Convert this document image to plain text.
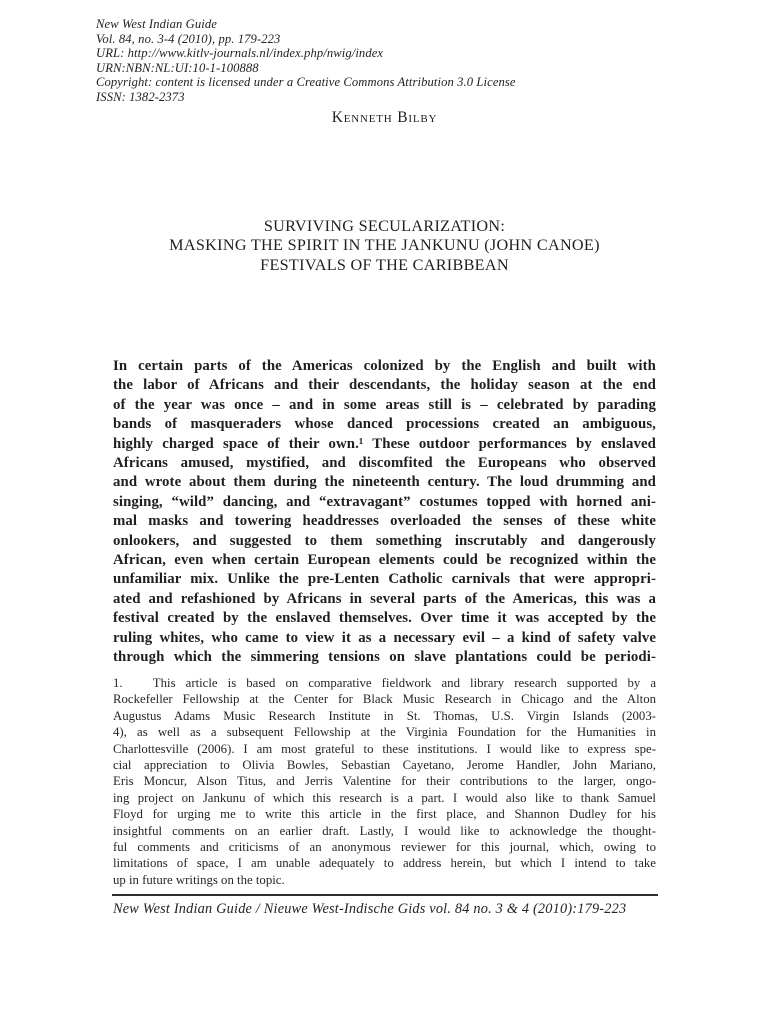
New West Indian Guide
Vol. 84, no. 3-4 (2010), pp. 179-223
URL: http://www.kitlv-journals.nl/index.php/nwig/index
URN:NBN:NL:UI:10-1-100888
Copyright: content is licensed under a Creative Commons Attribution 3.0 License
ISSN: 1382-2373
Kenneth Bilby
SURVIVING SECULARIZATION:
MASKING THE SPIRIT IN THE JANKUNU (JOHN CANOE)
FESTIVALS OF THE CARIBBEAN
In certain parts of the Americas colonized by the English and built with
the labor of Africans and their descendants, the holiday season at the end
of the year was once – and in some areas still is – celebrated by parading
bands of masqueraders whose danced processions created an ambiguous,
highly charged space of their own.¹ These outdoor performances by enslaved
Africans amused, mystified, and discomfited the Europeans who observed
and wrote about them during the nineteenth century. The loud drumming and
singing, “wild” dancing, and “extravagant” costumes topped with horned ani-
mal masks and towering headdresses overloaded the senses of these white
onlookers, and suggested to them something inscrutably and dangerously
African, even when certain European elements could be recognized within the
unfamiliar mix. Unlike the pre-Lenten Catholic carnivals that were appropri-
ated and refashioned by Africans in several parts of the Americas, this was a
festival created by the enslaved themselves. Over time it was accepted by the
ruling whites, who came to view it as a necessary evil – a kind of safety valve
through which the simmering tensions on slave plantations could be periodi-
1.   This article is based on comparative fieldwork and library research supported by a
Rockefeller Fellowship at the Center for Black Music Research in Chicago and the Alton
Augustus Adams Music Research Institute in St. Thomas, U.S. Virgin Islands (2003-
4), as well as a subsequent Fellowship at the Virginia Foundation for the Humanities in
Charlottesville (2006). I am most grateful to these institutions. I would like to express spe-
cial appreciation to Olivia Bowles, Sebastian Cayetano, Jerome Handler, John Mariano,
Eris Moncur, Alson Titus, and Jerris Valentine for their contributions to the larger, ongo-
ing project on Jankunu of which this research is a part. I would also like to thank Samuel
Floyd for urging me to write this article in the first place, and Shannon Dudley for his
insightful comments on an earlier draft. Lastly, I would like to acknowledge the thought-
ful comments and criticisms of an anonymous reviewer for this journal, which, owing to
limitations of space, I am unable adequately to address herein, but which I intend to take
up in future writings on the topic.
New West Indian Guide / Nieuwe West-Indische Gids vol. 84 no. 3 & 4 (2010):179-223
